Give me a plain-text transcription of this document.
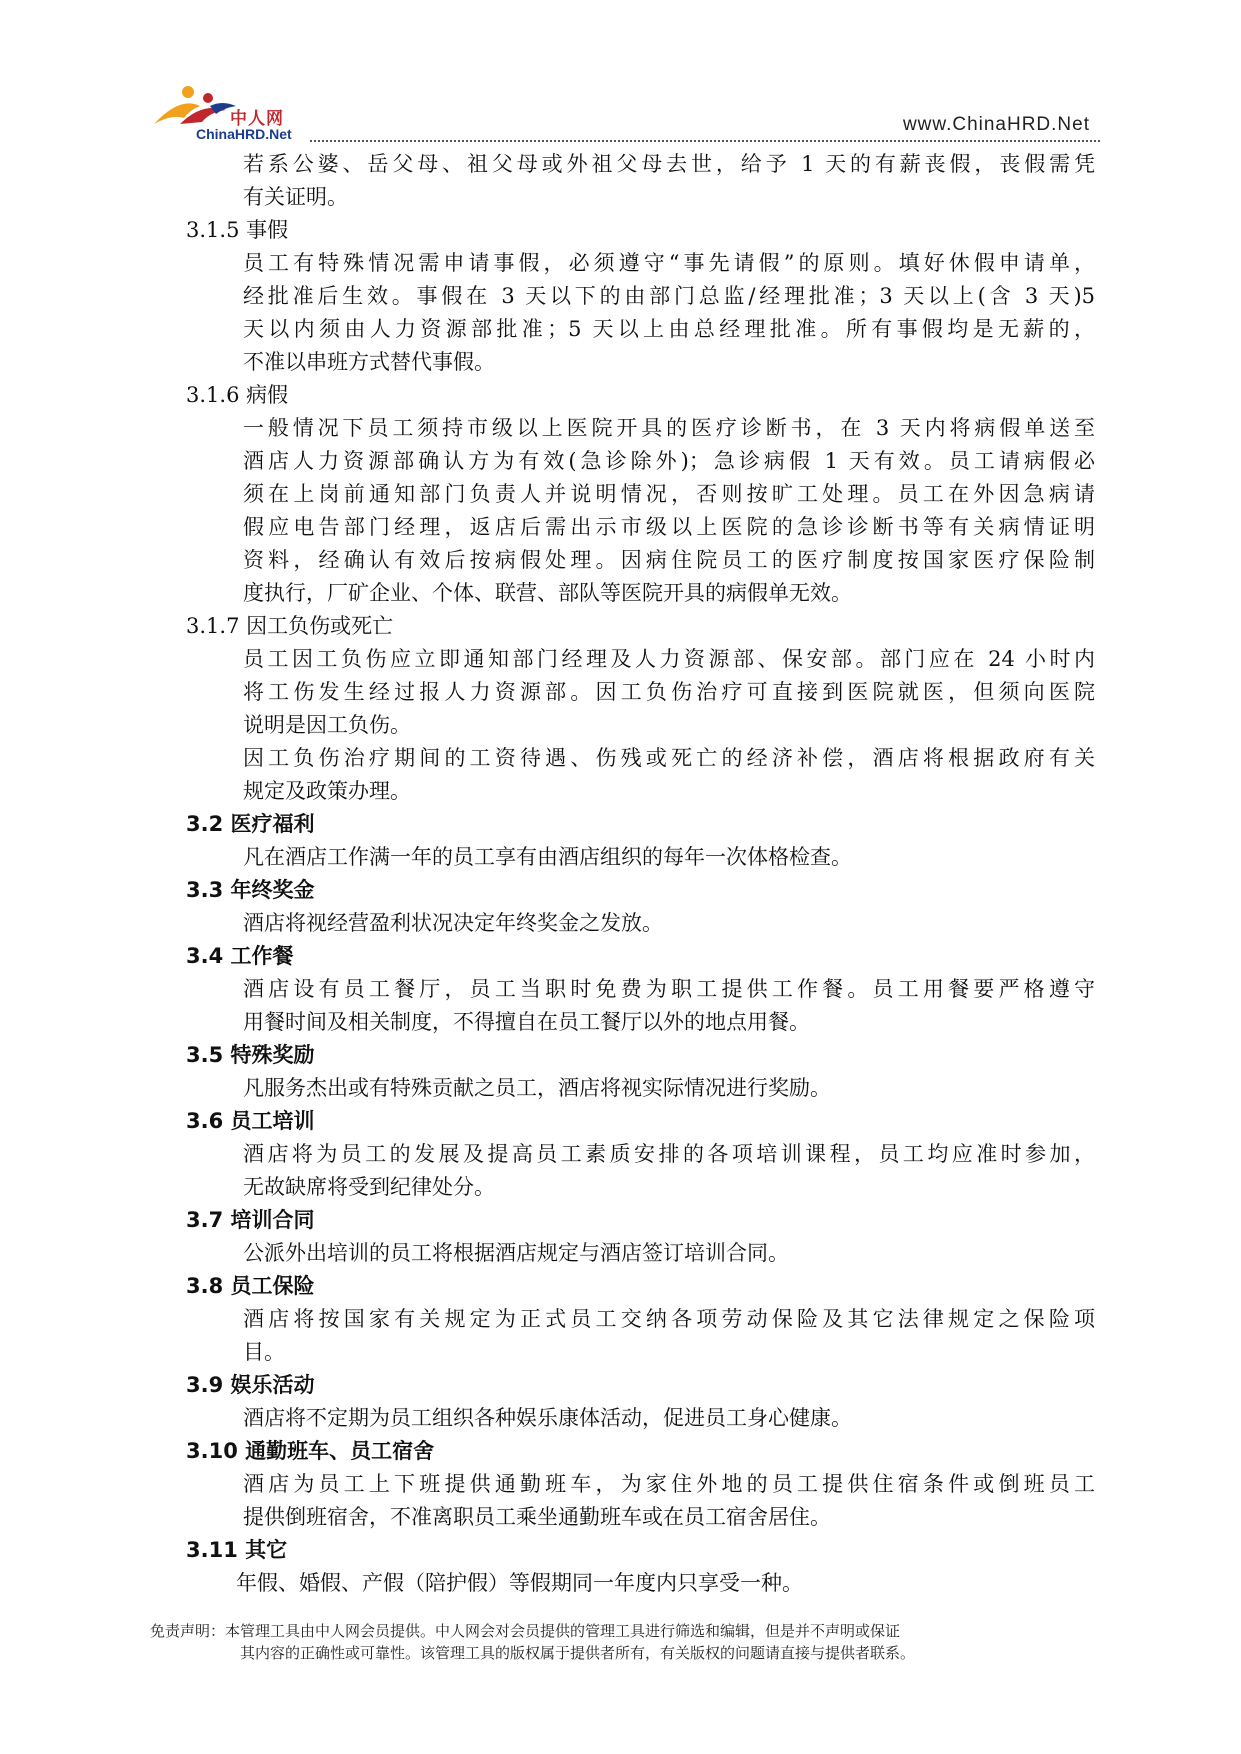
中人网
ChinaHRD.Net	www.ChinaHRD.Net
若系公婆、岳父母、祖父母或外祖父母去世，给予 1 天的有薪丧假，丧假需凭
有关证明。
3.1.5 事假
员工有特殊情况需申请事假，必须遵守“事先请假”的原则。填好休假申请单，
经批准后生效。事假在 3 天以下的由部门总监/经理批准；3 天以上(含 3 天)5
天以内须由人力资源部批准；5 天以上由总经理批准。所有事假均是无薪的，
不准以串班方式替代事假。
3.1.6 病假
一般情况下员工须持市级以上医院开具的医疗诊断书，在 3 天内将病假单送至
酒店人力资源部确认方为有效(急诊除外)；急诊病假 1 天有效。员工请病假必
须在上岗前通知部门负责人并说明情况，否则按旷工处理。员工在外因急病请
假应电告部门经理，返店后需出示市级以上医院的急诊诊断书等有关病情证明
资料，经确认有效后按病假处理。因病住院员工的医疗制度按国家医疗保险制
度执行，厂矿企业、个体、联营、部队等医院开具的病假单无效。
3.1.7 因工负伤或死亡
员工因工负伤应立即通知部门经理及人力资源部、保安部。部门应在 24 小时内
将工伤发生经过报人力资源部。因工负伤治疗可直接到医院就医，但须向医院
说明是因工负伤。
因工负伤治疗期间的工资待遇、伤残或死亡的经济补偿，酒店将根据政府有关
规定及政策办理。
3.2 医疗福利
凡在酒店工作满一年的员工享有由酒店组织的每年一次体格检查。
3.3 年终奖金
酒店将视经营盈利状况决定年终奖金之发放。
3.4 工作餐
酒店设有员工餐厅，员工当职时免费为职工提供工作餐。员工用餐要严格遵守
用餐时间及相关制度，不得擅自在员工餐厅以外的地点用餐。
3.5 特殊奖励
凡服务杰出或有特殊贡献之员工，酒店将视实际情况进行奖励。
3.6 员工培训
酒店将为员工的发展及提高员工素质安排的各项培训课程，员工均应准时参加，
无故缺席将受到纪律处分。
3.7 培训合同
公派外出培训的员工将根据酒店规定与酒店签订培训合同。
3.8 员工保险
酒店将按国家有关规定为正式员工交纳各项劳动保险及其它法律规定之保险项
目。
3.9 娱乐活动
酒店将不定期为员工组织各种娱乐康体活动，促进员工身心健康。
3.10 通勤班车、员工宿舍
酒店为员工上下班提供通勤班车，为家住外地的员工提供住宿条件或倒班员工
提供倒班宿舍，不准离职员工乘坐通勤班车或在员工宿舍居住。
3.11 其它
年假、婚假、产假（陪护假）等假期同一年度内只享受一种。
免责声明：本管理工具由中人网会员提供。中人网会对会员提供的管理工具进行筛选和编辑，但是并不声明或保证
其内容的正确性或可靠性。该管理工具的版权属于提供者所有，有关版权的问题请直接与提供者联系。
